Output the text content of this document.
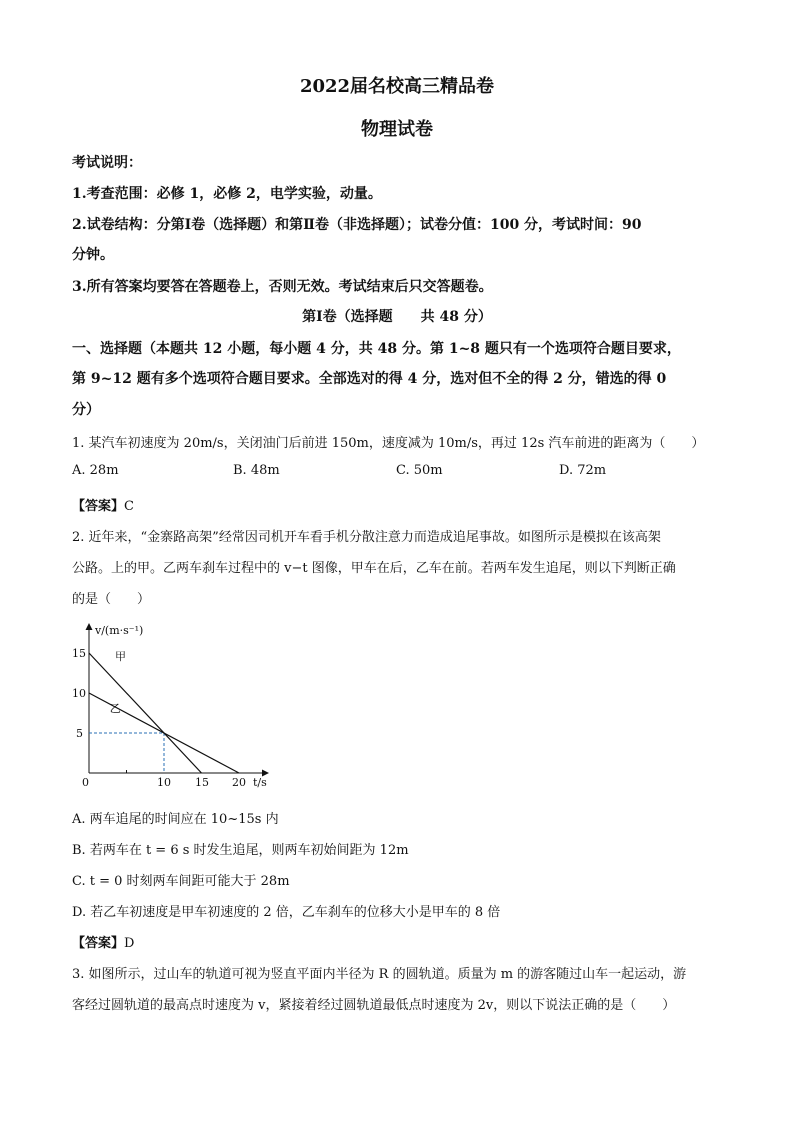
2022届名校高三精品卷
物理试卷
考试说明：
1.考查范围：必修 1，必修 2，电学实验，动量。
2.试卷结构：分第Ⅰ卷（选择题）和第Ⅱ卷（非选择题）；试卷分值：100 分，考试时间：90
分钟。
3.所有答案均要答在答题卷上，否则无效。考试结束后只交答题卷。
第Ⅰ卷（选择题　　共 48 分）
一、选择题（本题共 12 小题，每小题 4 分，共 48 分。第 1~8 题只有一个选项符合题目要求，
第 9~12 题有多个选项符合题目要求。全部选对的得 4 分，选对但不全的得 2 分，错选的得 0
分）
1. 某汽车初速度为 20m/s，关闭油门后前进 150m，速度减为 10m/s，再过 12s 汽车前进的距离为（　　）
A. 28m	B. 48m	C. 50m	D. 72m
【答案】C
2. 近年来，“金寨路高架”经常因司机开车看手机分散注意力而造成追尾事故。如图所示是模拟在该高架
公路。上的甲。乙两车刹车过程中的 v−t 图像，甲车在后，乙车在前。若两车发生追尾，则以下判断正确
的是（　　）
v/(m·s⁻¹)
t/s
15
10
5
0	10 15 20
甲
乙
A. 两车追尾的时间应在 10~15s 内
B. 若两车在 t = 6 s 时发生追尾，则两车初始间距为 12m
C. t = 0 时刻两车间距可能大于 28m
D. 若乙车初速度是甲车初速度的 2 倍，乙车刹车的位移大小是甲车的 8 倍
【答案】D
3. 如图所示，过山车的轨道可视为竖直平面内半径为 R 的圆轨道。质量为 m 的游客随过山车一起运动，游
客经过圆轨道的最高点时速度为 v，紧接着经过圆轨道最低点时速度为 2v，则以下说法正确的是（　　）
